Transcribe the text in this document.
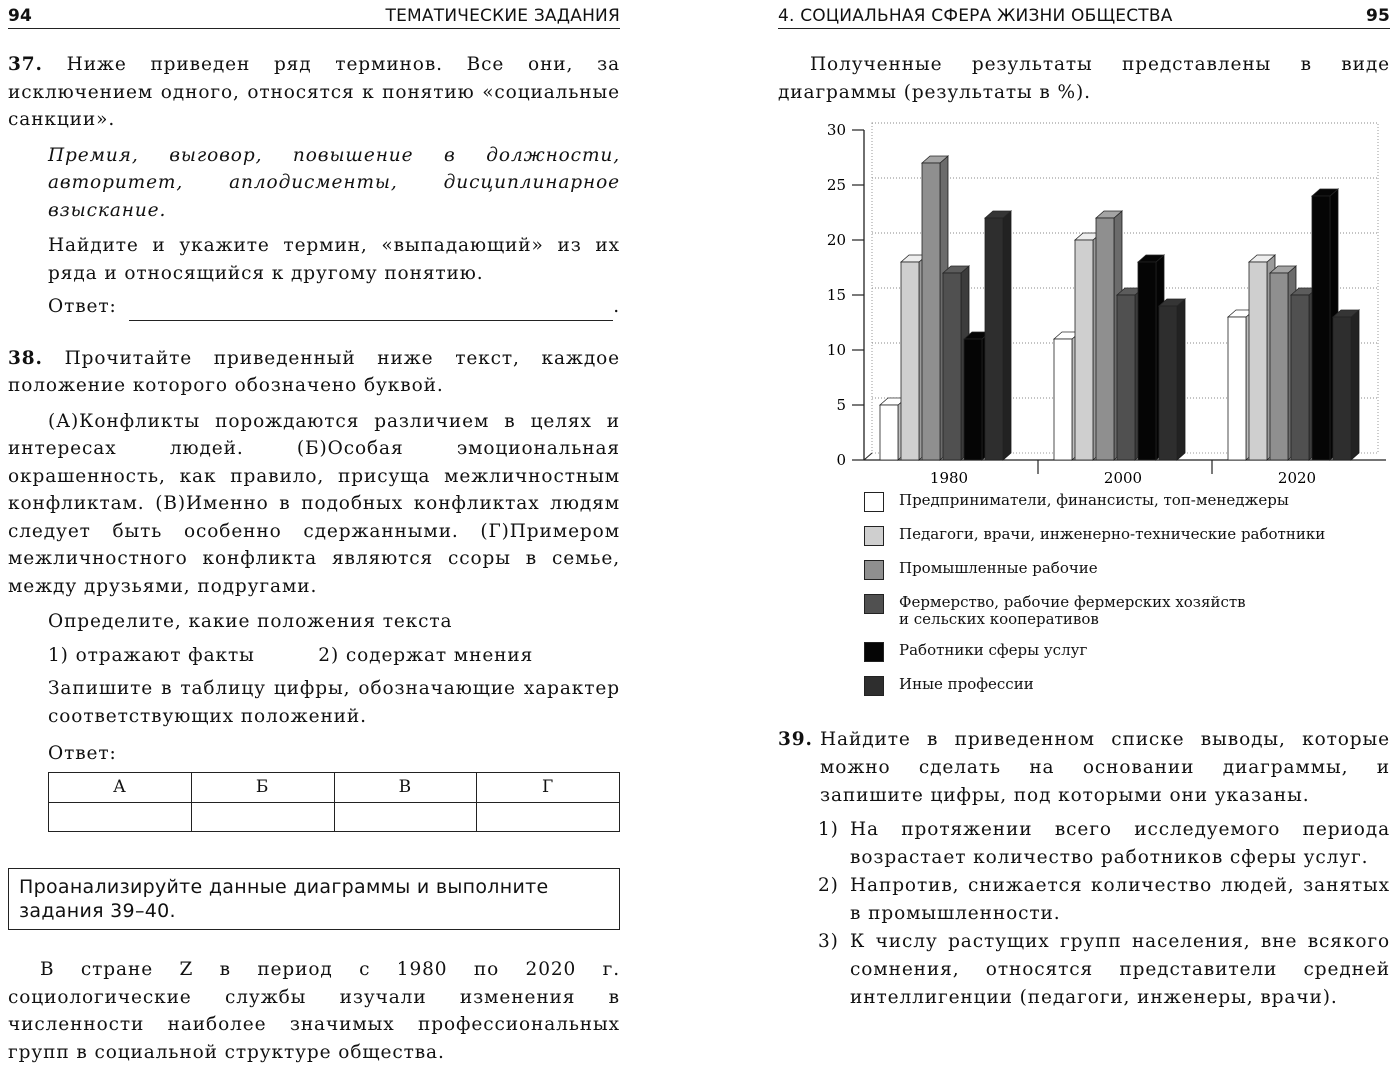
94	ТЕМАТИЧЕСКИЕ ЗАДАНИЯ

37. Ниже приведен ряд терминов. Все они, за исключением одного, относятся к понятию «социальные санкции».

Премия, выговор, повышение в должности, авторитет, аплодисменты, дисциплинарное взыскание.

Найдите и укажите термин, «выпадающий» из их ряда и относящийся к другому понятию.

Ответ:	.

38. Прочитайте приведенный ниже текст, каждое положение которого обозначено буквой.

(А)Конфликты порождаются различием в целях и интересах людей. (Б)Особая эмоциональная окрашенность, как правило, присуща межличностным конфликтам. (В)Именно в подобных конфликтах людям следует быть особенно сдержанными. (Г)Примером межличностного конфликта являются ссоры в семье, между друзьями, подругами.

Определите, какие положения текста

1) отражают факты	2) содержат мнения

Запишите в таблицу цифры, обозначающие характер соответствующих положений.

Ответ:

А	Б	В	Г

Проанализируйте данные диаграммы и выполните задания 39–40.

В стране Z в период с 1980 по 2020 г. социологические службы изучали изменения в численности наиболее значимых профессиональных групп в социальной структуре общества.

4. СОЦИАЛЬНАЯ СФЕРА ЖИЗНИ ОБЩЕСТВА	95

Полученные результаты представлены в виде диаграммы (результаты в %).

0
5
10
15
20
25
30
1980	2000	2020
Предприниматели, финансисты, топ-менеджеры
Педагоги, врачи, инженерно-технические работники
Промышленные рабочие
Фермерство, рабочие фермерских хозяйств
и сельских кооперативов
Работники сферы услуг
Иные профессии
39. Найдите в приведенном списке выводы, которые можно сделать на основании диаграммы, и запишите цифры, под которыми они указаны.
1) На протяжении всего исследуемого периода возрастает количество работников сферы услуг.
2) Напротив, снижается количество людей, занятых в промышленности.
3) К числу растущих групп населения, вне всякого сомнения, относятся представители средней интеллигенции (педагоги, инженеры, врачи).
